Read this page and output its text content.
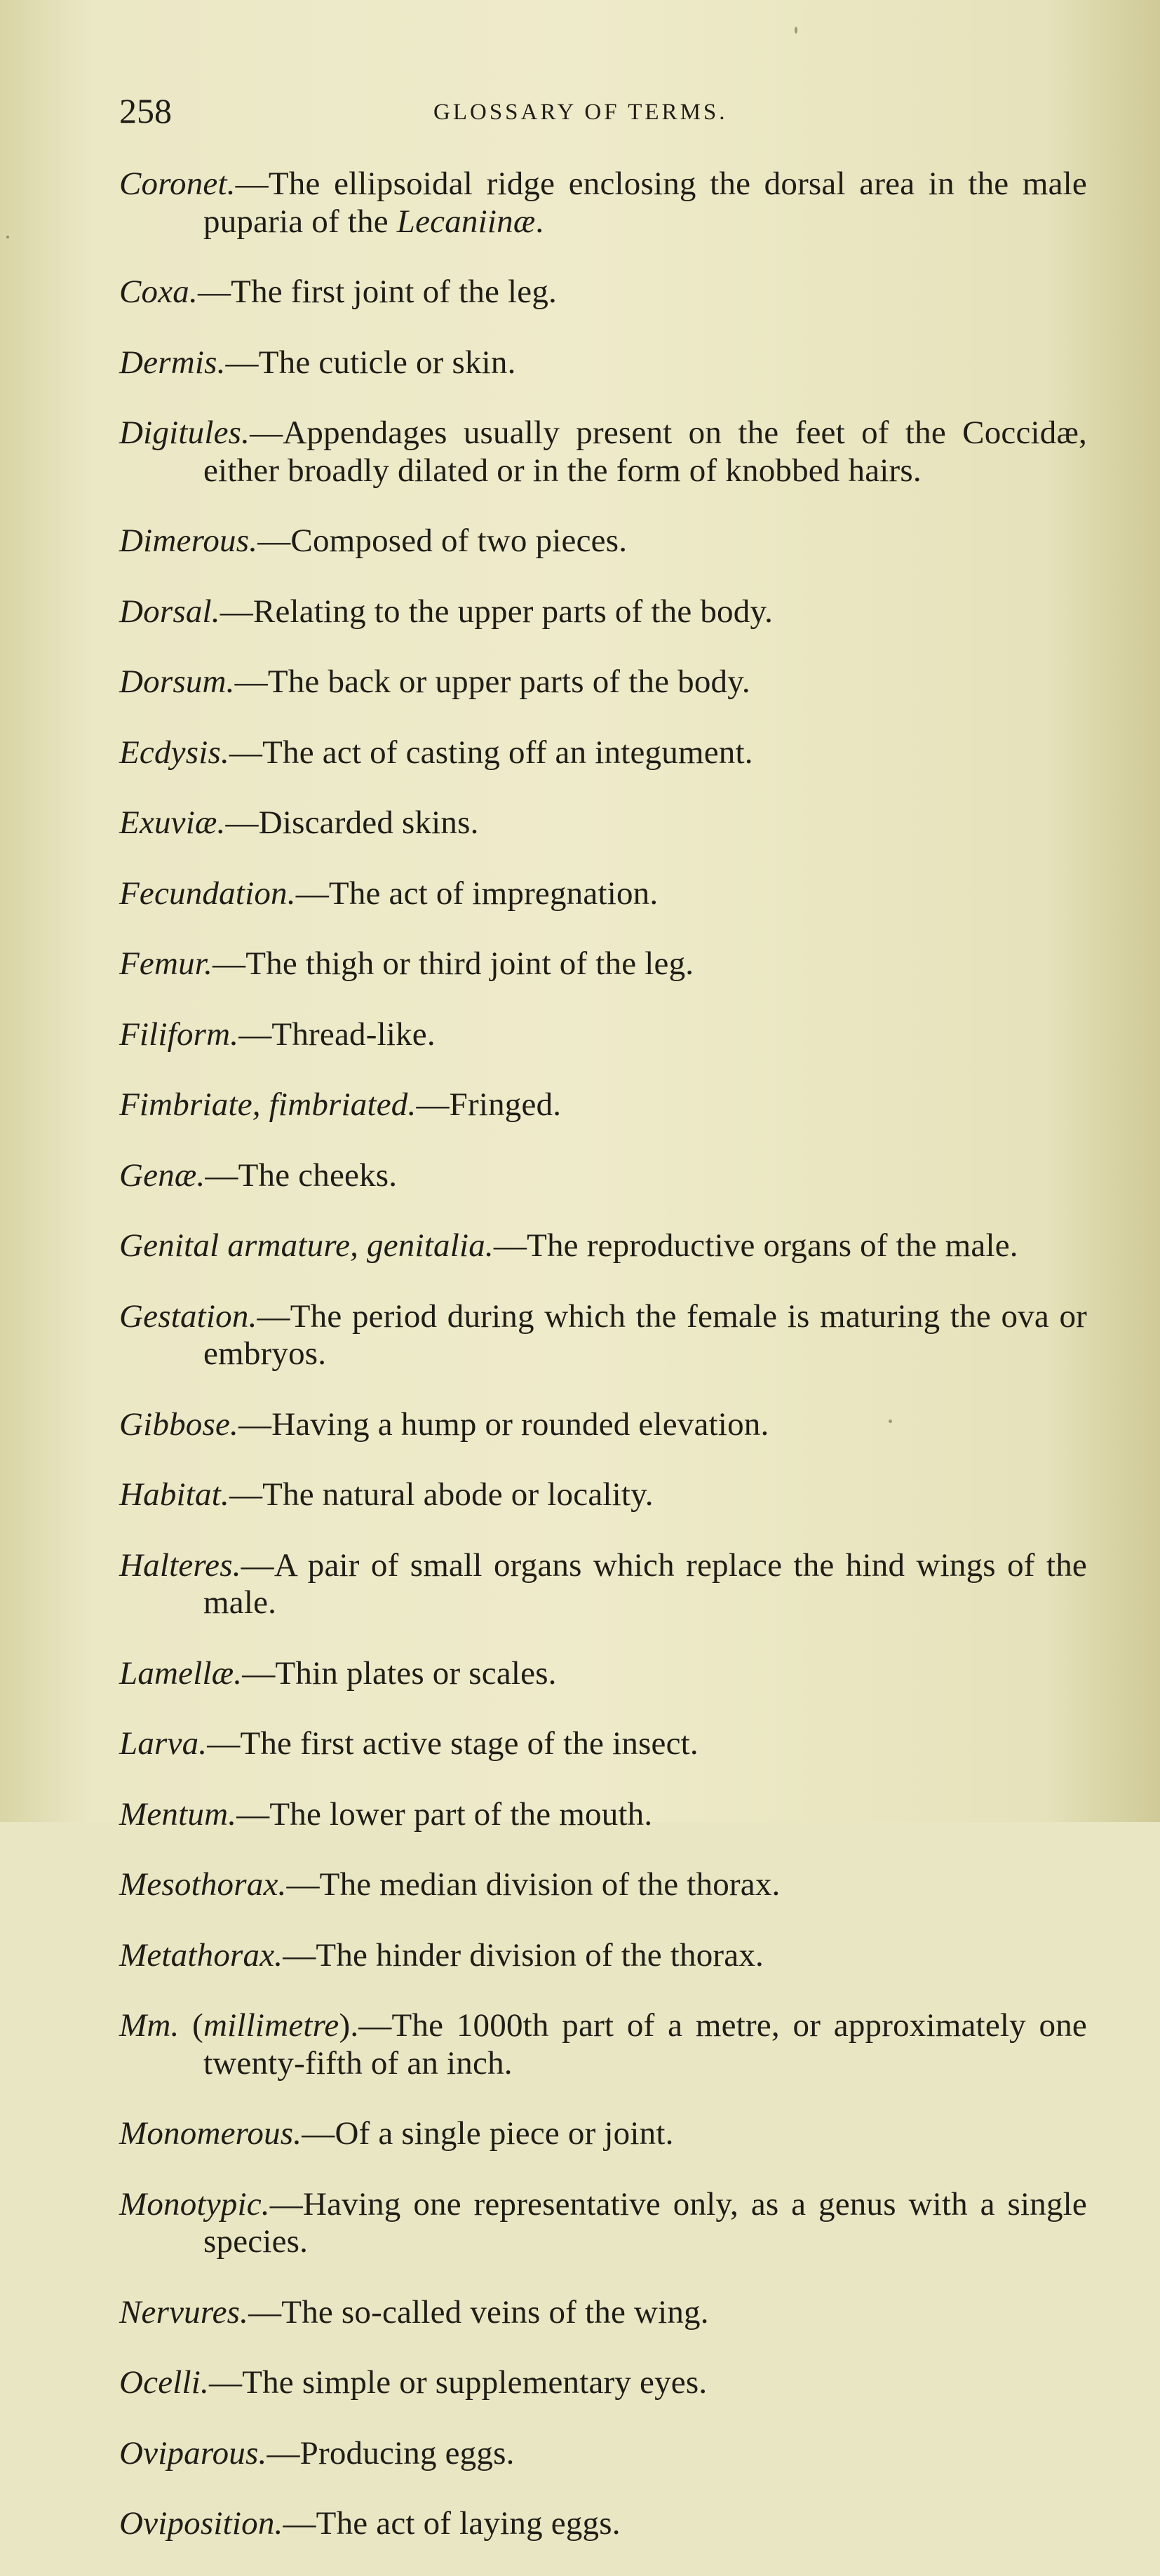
258	GLOSSARY OF TERMS.

Coronet.—The ellipsoidal ridge enclosing the dorsal area in the male puparia of the Lecaniinæ.

Coxa.—The first joint of the leg.

Dermis.—The cuticle or skin.

Digitules.—Appendages usually present on the feet of the Coccidæ, either broadly dilated or in the form of knobbed hairs.

Dimerous.—Composed of two pieces.

Dorsal.—Relating to the upper parts of the body.

Dorsum.—The back or upper parts of the body.

Ecdysis.—The act of casting off an integument.

Exuviæ.—Discarded skins.

Fecundation.—The act of impregnation.

Femur.—The thigh or third joint of the leg.

Filiform.—Thread-like.

Fimbriate, fimbriated.—Fringed.

Genæ.—The cheeks.

Genital armature, genitalia.—The reproductive organs of the male.

Gestation.—The period during which the female is maturing the ova or embryos.

Gibbose.—Having a hump or rounded elevation.

Habitat.—The natural abode or locality.

Halteres.—A pair of small organs which replace the hind wings of the male.

Lamellæ.—Thin plates or scales.

Larva.—The first active stage of the insect.

Mentum.—The lower part of the mouth.

Mesothorax.—The median division of the thorax.

Metathorax.—The hinder division of the thorax.

Mm. (millimetre).—The 1000th part of a metre, or approximately one twenty-fifth of an inch.

Monomerous.—Of a single piece or joint.

Monotypic.—Having one representative only, as a genus with a single species.

Nervures.—The so-called veins of the wing.

Ocelli.—The simple or supplementary eyes.

Oviparous.—Producing eggs.

Oviposition.—The act of laying eggs.
